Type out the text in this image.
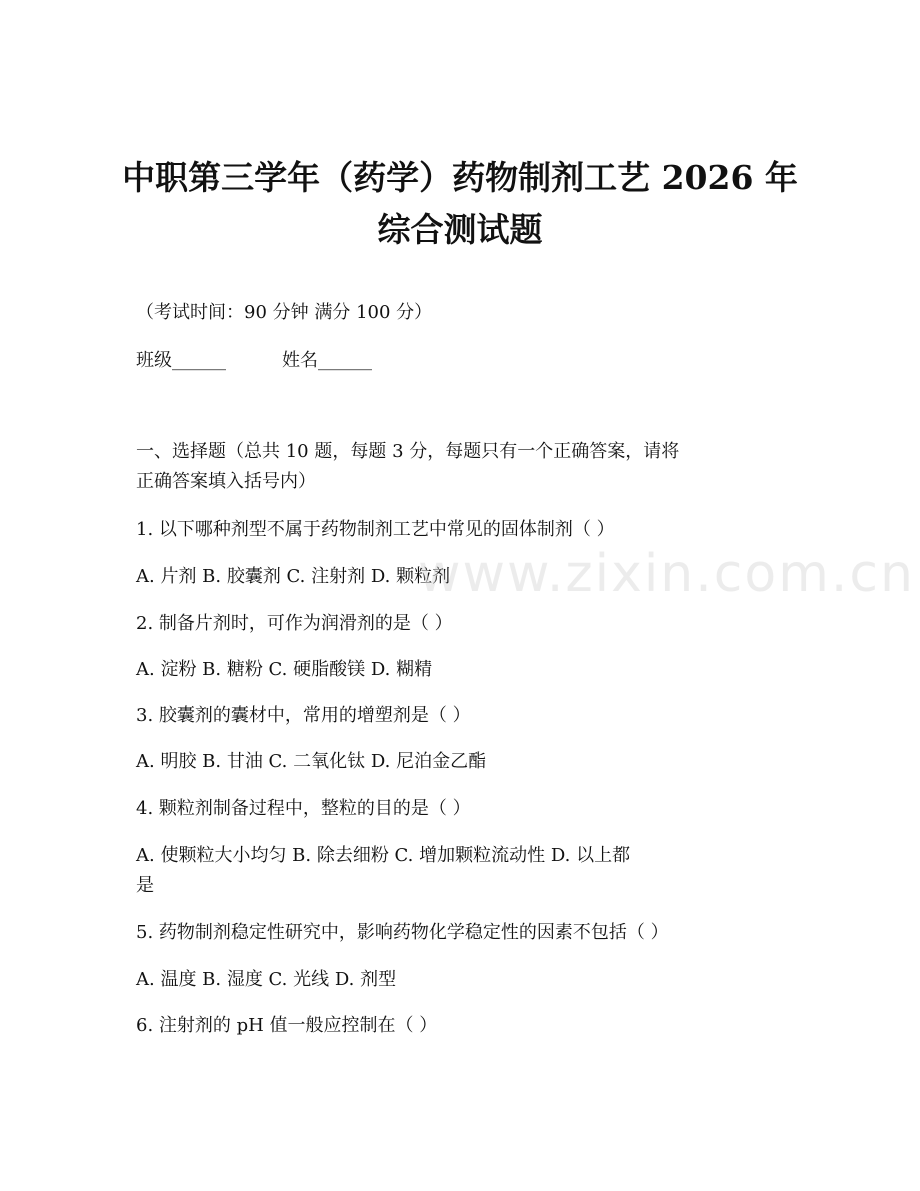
中职第三学年（药学）药物制剂工艺 2026 年
综合测试题
（考试时间：90 分钟 满分 100 分）
班级______	姓名______
一、选择题（总共 10 题，每题 3 分，每题只有一个正确答案，请将
正确答案填入括号内）
1. 以下哪种剂型不属于药物制剂工艺中常见的固体制剂（ ）
A. 片剂 B. 胶囊剂 C. 注射剂 D. 颗粒剂
2. 制备片剂时，可作为润滑剂的是（ ）
A. 淀粉 B. 糖粉 C. 硬脂酸镁 D. 糊精
3. 胶囊剂的囊材中，常用的增塑剂是（ ）
A. 明胶 B. 甘油 C. 二氧化钛 D. 尼泊金乙酯
4. 颗粒剂制备过程中，整粒的目的是（ ）
A. 使颗粒大小均匀 B. 除去细粉 C. 增加颗粒流动性 D. 以上都
是
5. 药物制剂稳定性研究中，影响药物化学稳定性的因素不包括（ ）
A. 温度 B. 湿度 C. 光线 D. 剂型
6. 注射剂的 pH 值一般应控制在（ ）
www.zixin.com.cn
